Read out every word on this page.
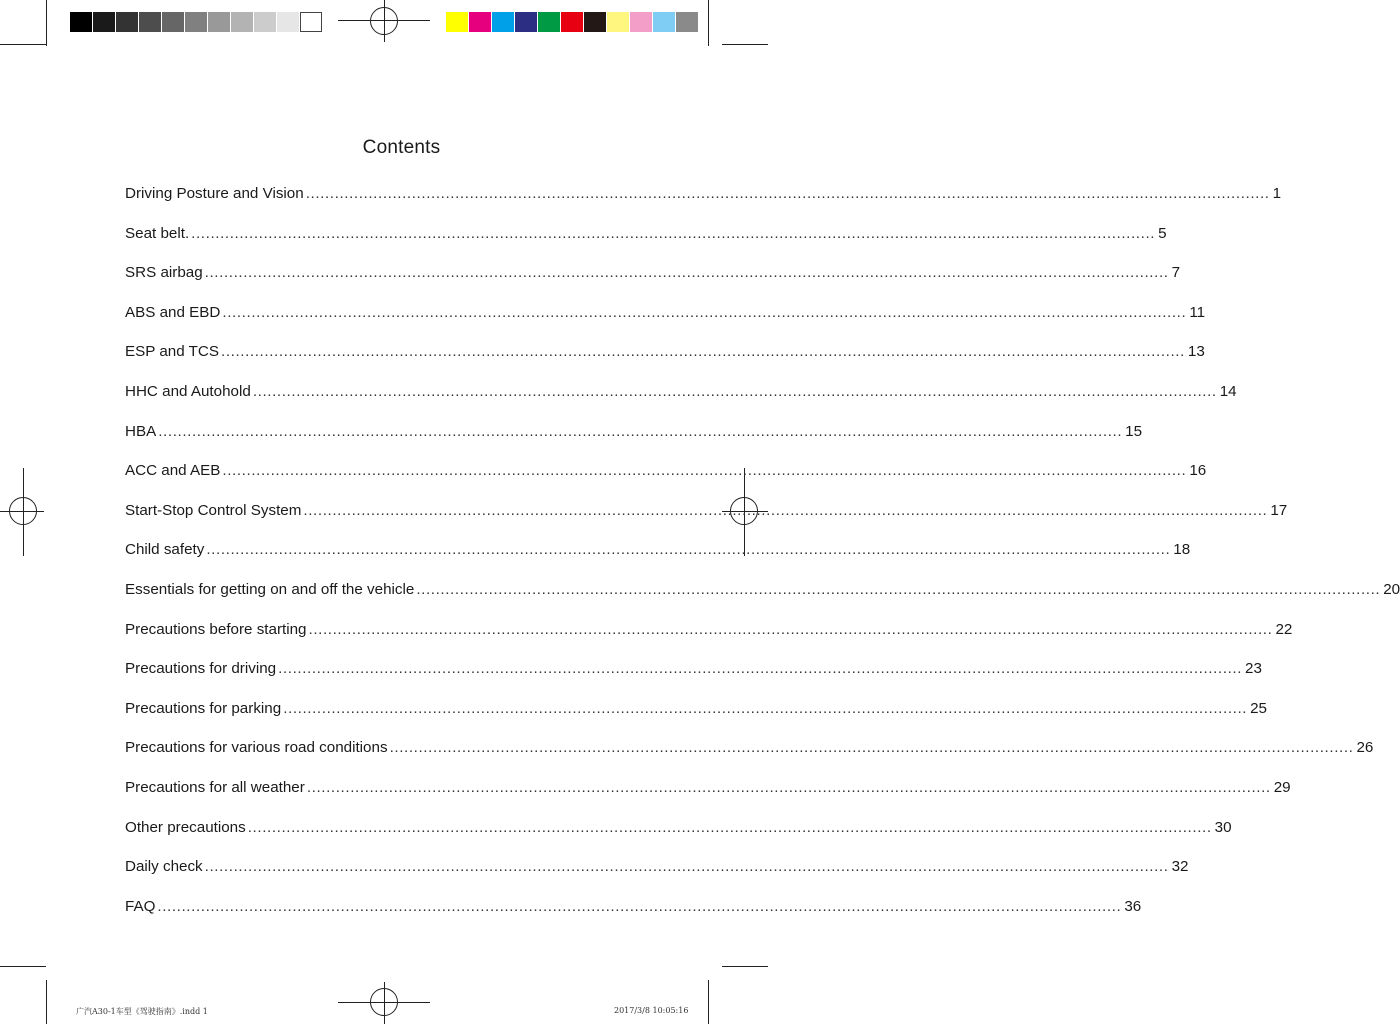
Contents
Driving Posture and Vision ........................................................................................................................................................................................................ 1
Seat belt. ........................................................................................................................................................................................................ 5
SRS airbag ........................................................................................................................................................................................................ 7
ABS and EBD ........................................................................................................................................................................................................ 11
ESP and TCS ........................................................................................................................................................................................................ 13
HHC and Autohold ........................................................................................................................................................................................................ 14
HBA ........................................................................................................................................................................................................ 15
ACC and AEB ........................................................................................................................................................................................................ 16
Start-Stop Control System ........................................................................................................................................................................................................ 17
Child safety ........................................................................................................................................................................................................ 18
Essentials for getting on and off the vehicle ........................................................................................................................................................................................................ 20
Precautions before starting ........................................................................................................................................................................................................ 22
Precautions for driving ........................................................................................................................................................................................................ 23
Precautions for parking ........................................................................................................................................................................................................ 25
Precautions for various road conditions ........................................................................................................................................................................................................ 26
Precautions for all weather ........................................................................................................................................................................................................ 29
Other precautions ........................................................................................................................................................................................................ 30
Daily check ........................................................................................................................................................................................................ 32
FAQ ........................................................................................................................................................................................................ 36
广汽A30-1车型《驾驶指南》.indd 1	2017/3/8 10:05:16
